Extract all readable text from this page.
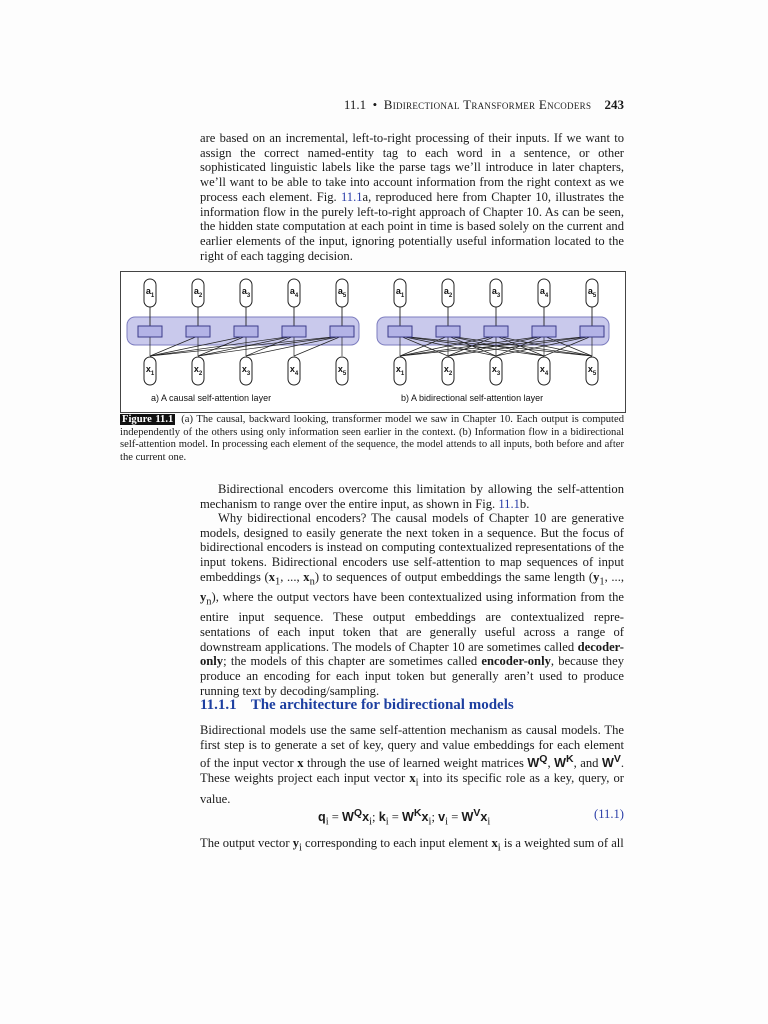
11.1 • Bidirectional Transformer Encoders 243
are based on an incremental, left-to-right processing of their inputs. If we want to assign the correct named-entity tag to each word in a sentence, or other sophisticated linguistic labels like the parse tags we’ll introduce in later chapters, we’ll want to be able to take into account information from the right context as we process each element. Fig. 11.1a, reproduced here from Chapter 10, illustrates the information flow in the purely left-to-right approach of Chapter 10. As can be seen, the hidden state computation at each point in time is based solely on the current and earlier elements of the input, ignoring potentially useful information located to the right of each tagging decision.
$a_1$
$x_1$
$a_2$
$x_2$
$a_3$
$x_3$
$a_4$
$x_4$
$a_5$
$x_5$
a) A causal self-attention layer
$a_1$
$x_1$
$a_2$
$x_2$
$a_3$
$x_3$
$a_4$
$x_4$
$a_5$
$x_5$
b) A bidirectional self-attention layer
Figure 11.1 (a) The causal, backward looking, transformer model we saw in Chapter 10. Each output is computed independently of the others using only information seen earlier in the context. (b) Information flow in a bidirectional self-attention model. In processing each element of the sequence, the model attends to all inputs, both before and after the current one.
Bidirectional encoders overcome this limitation by allowing the self-attention mechanism to range over the entire input, as shown in Fig. 11.1b.
Why bidirectional encoders? The causal models of Chapter 10 are generative models, designed to easily generate the next token in a sequence. But the focus of bidirectional encoders is instead on computing contextualized representations of the input tokens. Bidirectional encoders use self-attention to map sequences of input embeddings ($x_1$, ..., $x_n$) to sequences of output embeddings the same length ($y_1$, ..., $y_n$), where the output vectors have been contextualized using information from the entire input sequence. These output embeddings are contextualized repre- sentations of each input token that are generally useful across a range of downstream applications. The models of Chapter 10 are sometimes called decoder-only; the models of this chapter are sometimes called encoder-only, because they produce an encoding for each input token but generally aren’t used to produce running text by decoding/sampling.
11.1.1 The architecture for bidirectional models
Bidirectional models use the same self-attention mechanism as causal models. The first step is to generate a set of key, query and value embeddings for each element of the input vector x through the use of learned weight matrices $W^Q$, $W^K$, and $W^V$. These weights project each input vector $x_i$ into its specific role as a key, query, or value.
$q_i = W^Qx_i$; $k_i = W^Kx_i$; $v_i = W^Vx_i$
(11.1)
The output vector $y_i$ corresponding to each input element $x_i$ is a weighted sum of all
